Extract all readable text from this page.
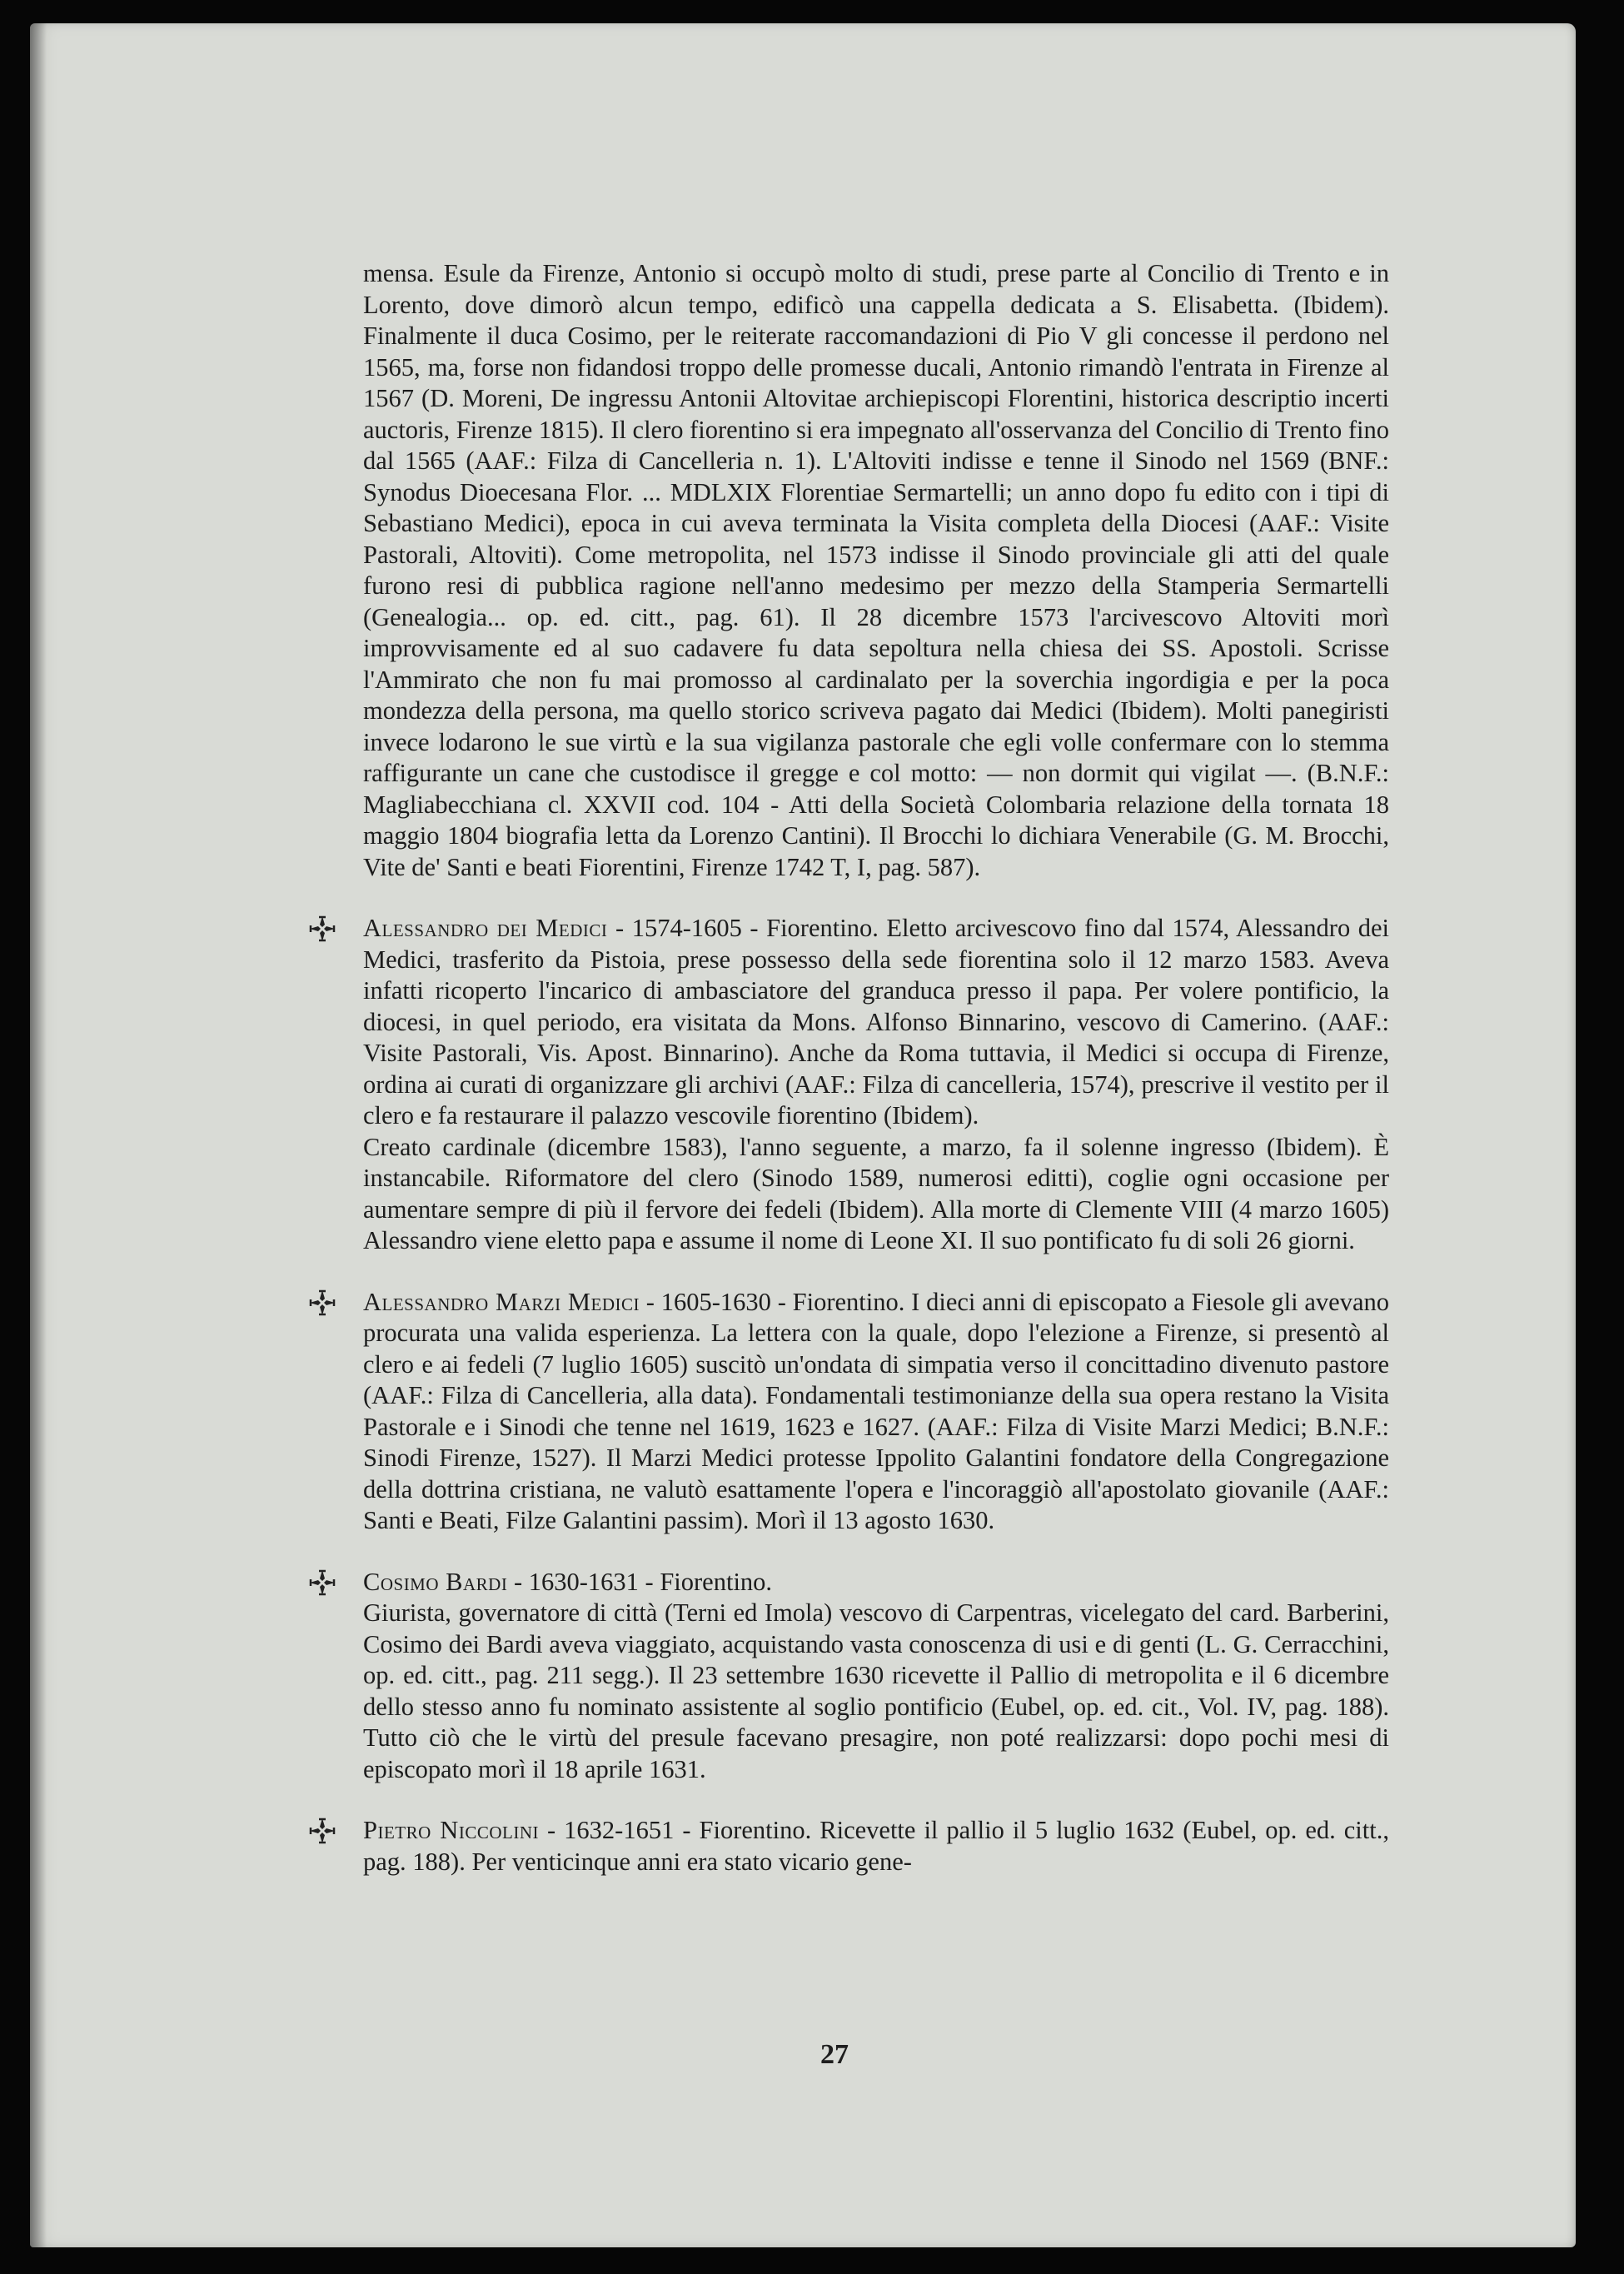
mensa. Esule da Firenze, Antonio si occupò molto di studi, prese parte al Concilio di Trento e in Lorento, dove dimorò alcun tempo, edificò una cappella dedicata a S. Elisabetta. (Ibidem). Finalmente il duca Cosimo, per le reiterate raccomandazioni di Pio V gli concesse il perdono nel 1565, ma, forse non fidandosi troppo delle promesse ducali, Antonio rimandò l'entrata in Firenze al 1567 (D. Moreni, De ingressu Antonii Altovitae archiepiscopi Florentini, historica descriptio incerti auctoris, Firenze 1815). Il clero fiorentino si era impegnato all'osservanza del Concilio di Trento fino dal 1565 (AAF.: Filza di Cancelleria n. 1). L'Altoviti indisse e tenne il Sinodo nel 1569 (BNF.: Synodus Dioecesana Flor. ... MDLXIX Florentiae Sermartelli; un anno dopo fu edito con i tipi di Sebastiano Medici), epoca in cui aveva terminata la Visita completa della Diocesi (AAF.: Visite Pastorali, Altoviti). Come metropolita, nel 1573 indisse il Sinodo provinciale gli atti del quale furono resi di pubblica ragione nell'anno medesimo per mezzo della Stamperia Sermartelli (Genealogia... op. ed. citt., pag. 61). Il 28 dicembre 1573 l'arcivescovo Altoviti morì improvvisamente ed al suo cadavere fu data sepoltura nella chiesa dei SS. Apostoli. Scrisse l'Ammirato che non fu mai promosso al cardinalato per la soverchia ingordigia e per la poca mondezza della persona, ma quello storico scriveva pagato dai Medici (Ibidem). Molti panegiristi invece lodarono le sue virtù e la sua vigilanza pastorale che egli volle confermare con lo stemma raffigurante un cane che custodisce il gregge e col motto: — non dormit qui vigilat —. (B.N.F.: Magliabecchiana cl. XXVII cod. 104 - Atti della Società Colombaria relazione della tornata 18 maggio 1804 biografia letta da Lorenzo Cantini). Il Brocchi lo dichiara Venerabile (G. M. Brocchi, Vite de' Santi e beati Fiorentini, Firenze 1742 T, I, pag. 587).

Alessandro dei Medici - 1574-1605 - Fiorentino. Eletto arcivescovo fino dal 1574, Alessandro dei Medici, trasferito da Pistoia, prese possesso della sede fiorentina solo il 12 marzo 1583. Aveva infatti ricoperto l'incarico di ambasciatore del granduca presso il papa. Per volere pontificio, la diocesi, in quel periodo, era visitata da Mons. Alfonso Binnarino, vescovo di Camerino. (AAF.: Visite Pastorali, Vis. Apost. Binnarino). Anche da Roma tuttavia, il Medici si occupa di Firenze, ordina ai curati di organizzare gli archivi (AAF.: Filza di cancelleria, 1574), prescrive il vestito per il clero e fa restaurare il palazzo vescovile fiorentino (Ibidem).

Creato cardinale (dicembre 1583), l'anno seguente, a marzo, fa il solenne ingresso (Ibidem). È instancabile. Riformatore del clero (Sinodo 1589, numerosi editti), coglie ogni occasione per aumentare sempre di più il fervore dei fedeli (Ibidem). Alla morte di Clemente VIII (4 marzo 1605) Alessandro viene eletto papa e assume il nome di Leone XI. Il suo pontificato fu di soli 26 giorni.

Alessandro Marzi Medici - 1605-1630 - Fiorentino. I dieci anni di episcopato a Fiesole gli avevano procurata una valida esperienza. La lettera con la quale, dopo l'elezione a Firenze, si presentò al clero e ai fedeli (7 luglio 1605) suscitò un'ondata di simpatia verso il concittadino divenuto pastore (AAF.: Filza di Cancelleria, alla data). Fondamentali testimonianze della sua opera restano la Visita Pastorale e i Sinodi che tenne nel 1619, 1623 e 1627. (AAF.: Filza di Visite Marzi Medici; B.N.F.: Sinodi Firenze, 1527). Il Marzi Medici protesse Ippolito Galantini fondatore della Congregazione della dottrina cristiana, ne valutò esattamente l'opera e l'incoraggiò all'apostolato giovanile (AAF.: Santi e Beati, Filze Galantini passim). Morì il 13 agosto 1630.

Cosimo Bardi - 1630-1631 - Fiorentino.

Giurista, governatore di città (Terni ed Imola) vescovo di Carpentras, vicelegato del card. Barberini, Cosimo dei Bardi aveva viaggiato, acquistando vasta conoscenza di usi e di genti (L. G. Cerracchini, op. ed. citt., pag. 211 segg.). Il 23 settembre 1630 ricevette il Pallio di metropolita e il 6 dicembre dello stesso anno fu nominato assistente al soglio pontificio (Eubel, op. ed. cit., Vol. IV, pag. 188). Tutto ciò che le virtù del presule facevano presagire, non poté realizzarsi: dopo pochi mesi di episcopato morì il 18 aprile 1631.

Pietro Niccolini - 1632-1651 - Fiorentino. Ricevette il pallio il 5 luglio 1632 (Eubel, op. ed. citt., pag. 188). Per venticinque anni era stato vicario gene-

27
